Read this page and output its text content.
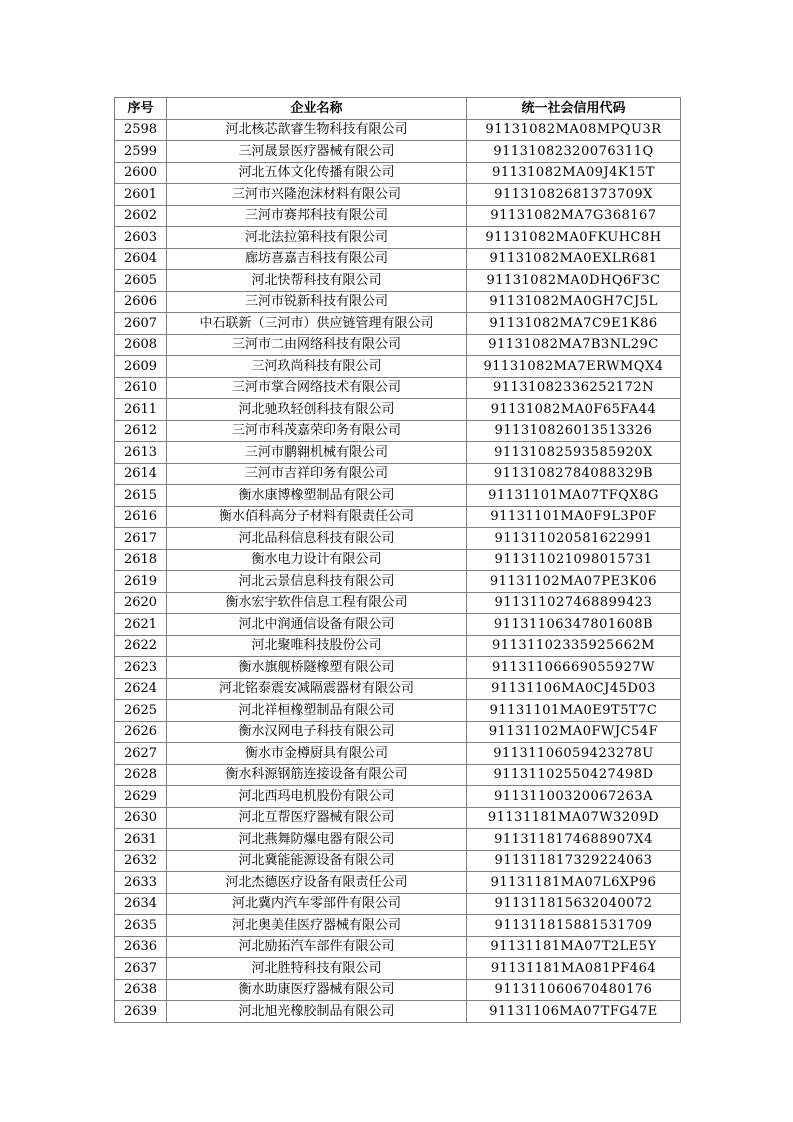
序号	企业名称	统一社会信用代码
2598	河北核芯歆睿生物科技有限公司	91131082MA08MPQU3R
2599	三河晟景医疗器械有限公司	91131082320076311Q
2600	河北五体文化传播有限公司	91131082MA09J4K15T
2601	三河市兴隆泡沫材料有限公司	91131082681373709X
2602	三河市赛邦科技有限公司	91131082MA7G368167
2603	河北法拉第科技有限公司	91131082MA0FKUHC8H
2604	廊坊喜嘉吉科技有限公司	91131082MA0EXLR681
2605	河北快帮科技有限公司	91131082MA0DHQ6F3C
2606	三河市锐新科技有限公司	91131082MA0GH7CJ5L
2607	中石联新（三河市）供应链管理有限公司	91131082MA7C9E1K86
2608	三河市二由网络科技有限公司	91131082MA7B3NL29C
2609	三河玖尚科技有限公司	91131082MA7ERWMQX4
2610	三河市掌合网络技术有限公司	91131082336252172N
2611	河北驰玖轻创科技有限公司	91131082MA0F65FA44
2612	三河市科茂嘉荣印务有限公司	911310826013513326
2613	三河市鹏翱机械有限公司	91131082593585920X
2614	三河市吉祥印务有限公司	91131082784088329B
2615	衡水康博橡塑制品有限公司	91131101MA07TFQX8G
2616	衡水佰科高分子材料有限责任公司	91131101MA0F9L3P0F
2617	河北品科信息科技有限公司	911311020581622991
2618	衡水电力设计有限公司	911311021098015731
2619	河北云景信息科技有限公司	91131102MA07PE3K06
2620	衡水宏宇软件信息工程有限公司	911311027468899423
2621	河北中润通信设备有限公司	91131106347801608B
2622	河北聚唯科技股份公司	91131102335925662M
2623	衡水旗舰桥隧橡塑有限公司	91131106669055927W
2624	河北铭泰震安减隔震器材有限公司	91131106MA0CJ45D03
2625	河北祥桓橡塑制品有限公司	91131101MA0E9T5T7C
2626	衡水汉网电子科技有限公司	91131102MA0FWJC54F
2627	衡水市金樽厨具有限公司	91131106059423278U
2628	衡水科源钢筋连接设备有限公司	91131102550427498D
2629	河北西玛电机股份有限公司	91131100320067263A
2630	河北互帮医疗器械有限公司	91131181MA07W3209D
2631	河北燕舞防爆电器有限公司	9113118174688907X4
2632	河北冀能能源设备有限公司	911311817329224063
2633	河北杰德医疗设备有限责任公司	91131181MA07L6XP96
2634	河北冀内汽车零部件有限公司	911311815632040072
2635	河北奥美佳医疗器械有限公司	911311815881531709
2636	河北励拓汽车部件有限公司	91131181MA07T2LE5Y
2637	河北胜特科技有限公司	91131181MA081PF464
2638	衡水助康医疗器械有限公司	911311060670480176
2639	河北旭光橡胶制品有限公司	91131106MA07TFG47E
